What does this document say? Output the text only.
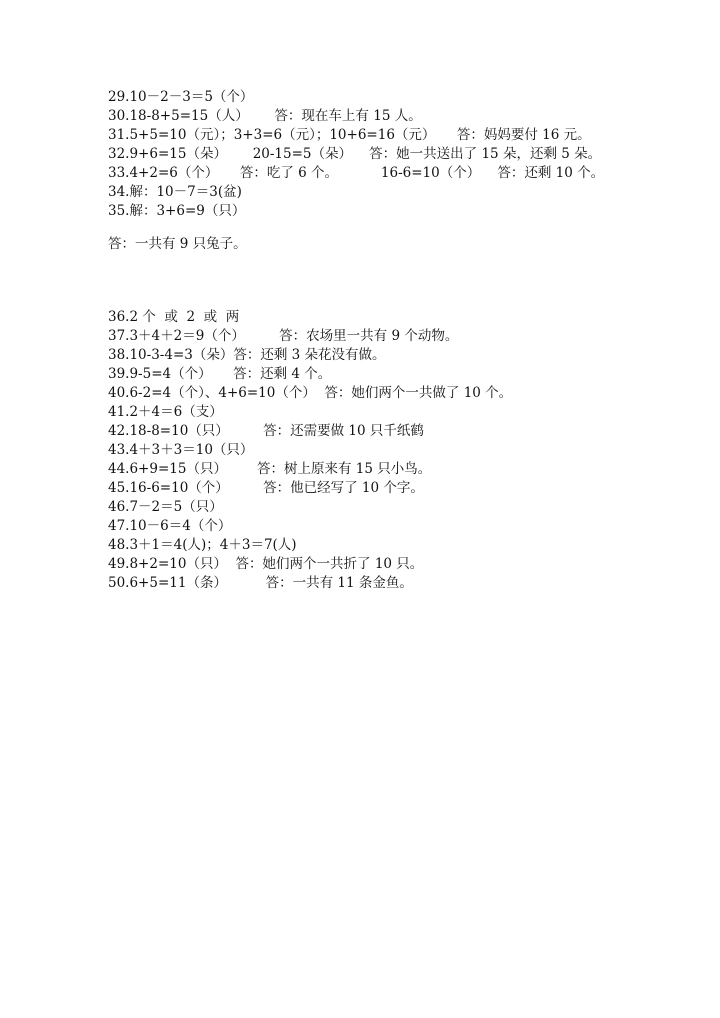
29.10－2－3＝5（个）
30.18-8+5=15（人）      答：现在车上有 15 人。
31.5+5=10（元）；3+3=6（元）；10+6=16（元）     答：妈妈要付 16 元。
32.9+6=15（朵）      20-15=5（朵）    答：她一共送出了 15 朵，还剩 5 朵。
33.4+2=6（个）     答：吃了 6 个。          16-6=10（个）    答：还剩 10 个。
34.解：10－7＝3(盆)
35.解：3+6=9（只）
答：一共有 9 只兔子。
36.2 个  或  2  或  两
37.3＋4＋2＝9（个）        答：农场里一共有 9 个动物。
38.10-3-4=3（朵）答：还剩 3 朵花没有做。
39.9-5=4（个）     答：还剩 4 个。
40.6-2=4（个）、4+6=10（个）  答：她们两个一共做了 10 个。
41.2＋4＝6（支）
42.18-8=10（只）        答：还需要做 10 只千纸鹤
43.4＋3＋3＝10（只）
44.6+9=15（只）       答：树上原来有 15 只小鸟。
45.16-6=10（个）        答：他已经写了 10 个字。
46.7－2＝5（只）
47.10－6＝4（个）
48.3＋1＝4(人)；4＋3＝7(人)
49.8+2=10（只）  答：她们两个一共折了 10 只。
50.6+5=11（条）         答：一共有 11 条金鱼。
